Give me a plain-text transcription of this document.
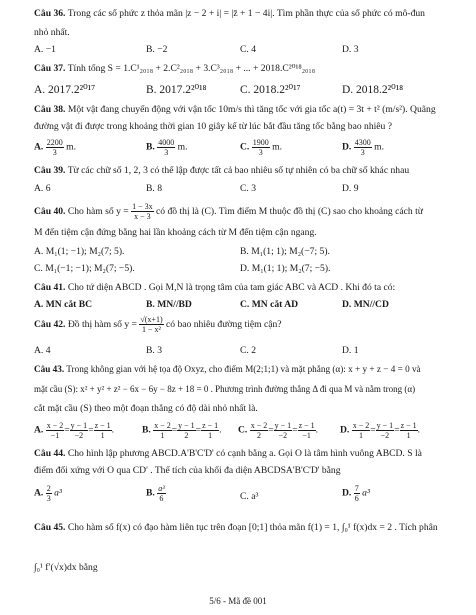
Câu 36. Trong các số phức z thỏa mãn |z − 2 + i| = |z̄ + 1 − 4i|. Tìm phần thực của số phức có mô-đun
nhỏ nhất.
A. −1	B. −2	C. 4	D. 3
Câu 37. Tính tổng S = 1.C¹₂₀₁₈ + 2.C²₂₀₁₈ + 3.C³₂₀₁₈ + ... + 2018.C²⁰¹⁸₂₀₁₈
A. 2017.2²⁰¹⁷	B. 2017.2²⁰¹⁸	C. 2018.2²⁰¹⁷	D. 2018.2²⁰¹⁸
Câu 38. Một vật đang chuyển động với vận tốc 10m/s thì tăng tốc với gia tốc a(t) = 3t + t² (m/s²). Quãng
đường vật đi được trong khoảng thời gian 10 giây kể từ lúc bắt đầu tăng tốc bằng bao nhiêu ?
A. $\frac{2200}{3} m$.	B. $\frac{4000}{3} m$.	C. $\frac{1900}{3} m$.	D. $\frac{4300}{3} m$.
Câu 39. Từ các chữ số 1, 2, 3 có thể lập được tất cả bao nhiêu số tự nhiên có ba chữ số khác nhau
A. 6	B. 8	C. 3	D. 9
Câu 40. Cho hàm số $y = \frac{1 - 3x}{x - 3}$ có đồ thị là (C). Tìm điểm M thuộc đồ thị (C) sao cho khoảng cách từ
M đến tiệm cận đứng bằng hai lần khoảng cách từ M đến tiệm cận ngang.
A. M₁(1; −1); M₂(7; 5).	B. M₁(1; 1); M₂(−7; 5).
C. M₁(−1; −1); M₂(7; −5).	D. M₁(1; 1); M₂(7; −5).
Câu 41. Cho tứ diện ABCD . Gọi M,N là trọng tâm của tam giác ABC và ACD . Khi đó ta có:
A. MN cắt BC	B. MN//BD	C. MN cắt AD	D. MN//CD
Câu 42. Đồ thị hàm số $y = \frac{√(x+1)}{\text{1 − x²}}$ có bao nhiêu đường tiệm cận?
A. 4	B. 3	C. 2	D. 1
Câu 43. Trong không gian với hệ tọa độ Oxyz, cho điểm M(2;1;1) và mặt phẳng (α): x + y + z − 4 = 0 và
mặt cầu (S): x² + y² + z² − 6x − 6y − 8z + 18 = 0 . Phương trình đường thẳng Δ đi qua M và nằm trong (α)
cắt mặt cầu (S) theo một đoạn thẳng có độ dài nhỏ nhất là.
A. $\frac{x - 2}{-1} = \frac{y - 1}{-2} = \frac{z - 1}{1}$ .	B. $\frac{x - 2}{1} = \frac{y - 1}{2} = \frac{z - 1}{1}$ . C. $\frac{x - 2}{2} = \frac{y - 1}{-2} = \frac{z - 1}{-1}$ . D. $\frac{x - 2}{1} = \frac{y - 1}{-2} = \frac{z - 1}{1}$ .
Câu 44. Cho hình lập phương ABCD.A'B'C'D' có cạnh bằng a. Gọi O là tâm hình vuông ABCD. S là
điểm đối xứng với O qua CD' . Thể tích của khối đa diện ABCDSA'B'C'D' bằng
A. $\frac{2}{3} a^3$	B. $\frac{\text{a³}}{6}$	C. a³	D. $\frac{7}{6} a^3$
Câu 45. Cho hàm số f(x) có đạo hàm liên tục trên đoạn [0;1] thỏa mãn f(1) = 1, ∫₀¹ f(x)dx = 2 . Tích phân
∫₀¹ f′(√x)dx bằng
5/6 - Mã đề 001
